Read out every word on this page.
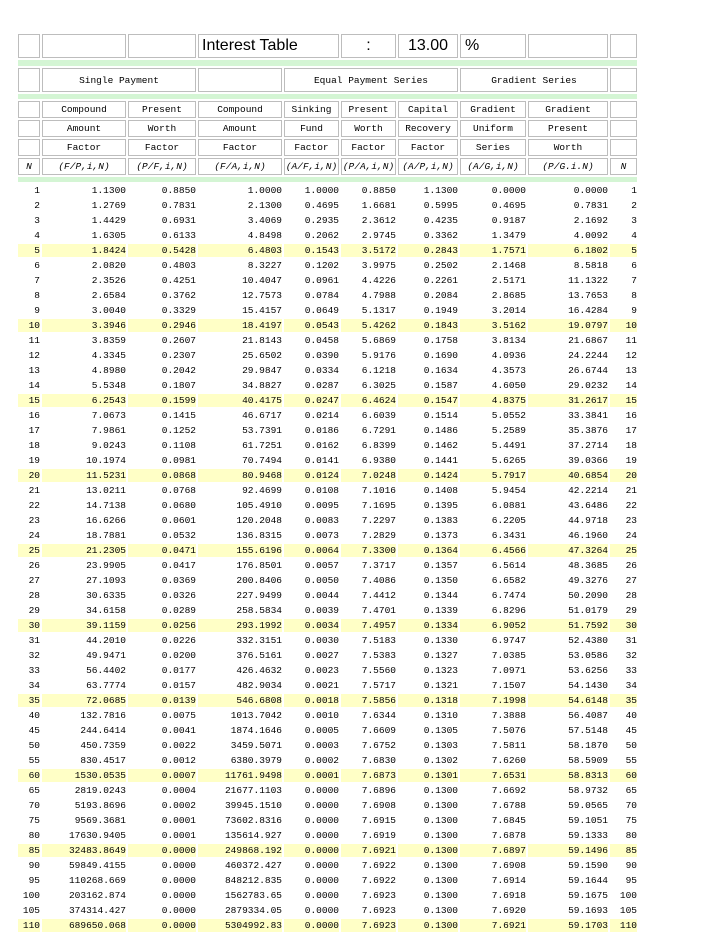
			Interest Table		:	13.00	%		

	Single Payment			Equal Payment Series			Gradient Series		

	Compound	Present	Compound	Sinking	Present	Capital	Gradient	Gradient	
	Amount	Worth	Amount	Fund	Worth	Recovery	Uniform	Present	
	Factor	Factor	Factor	Factor	Factor	Factor	Series	Worth	
N	(F/P,i,N)	(P/F,i,N)	(F/A,i,N)	(A/F,i,N)	(P/A,i,N)	(A/P,i,N)	(A/G,i,N)	(P/G.i.N)	N

1	1.1300	0.8850	1.0000	1.0000	0.8850	1.1300	0.0000	0.0000	1
2	1.2769	0.7831	2.1300	0.4695	1.6681	0.5995	0.4695	0.7831	2
3	1.4429	0.6931	3.4069	0.2935	2.3612	0.4235	0.9187	2.1692	3
4	1.6305	0.6133	4.8498	0.2062	2.9745	0.3362	1.3479	4.0092	4
5	1.8424	0.5428	6.4803	0.1543	3.5172	0.2843	1.7571	6.1802	5
6	2.0820	0.4803	8.3227	0.1202	3.9975	0.2502	2.1468	8.5818	6
7	2.3526	0.4251	10.4047	0.0961	4.4226	0.2261	2.5171	11.1322	7
8	2.6584	0.3762	12.7573	0.0784	4.7988	0.2084	2.8685	13.7653	8
9	3.0040	0.3329	15.4157	0.0649	5.1317	0.1949	3.2014	16.4284	9
10	3.3946	0.2946	18.4197	0.0543	5.4262	0.1843	3.5162	19.0797	10
11	3.8359	0.2607	21.8143	0.0458	5.6869	0.1758	3.8134	21.6867	11
12	4.3345	0.2307	25.6502	0.0390	5.9176	0.1690	4.0936	24.2244	12
13	4.8980	0.2042	29.9847	0.0334	6.1218	0.1634	4.3573	26.6744	13
14	5.5348	0.1807	34.8827	0.0287	6.3025	0.1587	4.6050	29.0232	14
15	6.2543	0.1599	40.4175	0.0247	6.4624	0.1547	4.8375	31.2617	15
16	7.0673	0.1415	46.6717	0.0214	6.6039	0.1514	5.0552	33.3841	16
17	7.9861	0.1252	53.7391	0.0186	6.7291	0.1486	5.2589	35.3876	17
18	9.0243	0.1108	61.7251	0.0162	6.8399	0.1462	5.4491	37.2714	18
19	10.1974	0.0981	70.7494	0.0141	6.9380	0.1441	5.6265	39.0366	19
20	11.5231	0.0868	80.9468	0.0124	7.0248	0.1424	5.7917	40.6854	20
21	13.0211	0.0768	92.4699	0.0108	7.1016	0.1408	5.9454	42.2214	21
22	14.7138	0.0680	105.4910	0.0095	7.1695	0.1395	6.0881	43.6486	22
23	16.6266	0.0601	120.2048	0.0083	7.2297	0.1383	6.2205	44.9718	23
24	18.7881	0.0532	136.8315	0.0073	7.2829	0.1373	6.3431	46.1960	24
25	21.2305	0.0471	155.6196	0.0064	7.3300	0.1364	6.4566	47.3264	25
26	23.9905	0.0417	176.8501	0.0057	7.3717	0.1357	6.5614	48.3685	26
27	27.1093	0.0369	200.8406	0.0050	7.4086	0.1350	6.6582	49.3276	27
28	30.6335	0.0326	227.9499	0.0044	7.4412	0.1344	6.7474	50.2090	28
29	34.6158	0.0289	258.5834	0.0039	7.4701	0.1339	6.8296	51.0179	29
30	39.1159	0.0256	293.1992	0.0034	7.4957	0.1334	6.9052	51.7592	30
31	44.2010	0.0226	332.3151	0.0030	7.5183	0.1330	6.9747	52.4380	31
32	49.9471	0.0200	376.5161	0.0027	7.5383	0.1327	7.0385	53.0586	32
33	56.4402	0.0177	426.4632	0.0023	7.5560	0.1323	7.0971	53.6256	33
34	63.7774	0.0157	482.9034	0.0021	7.5717	0.1321	7.1507	54.1430	34
35	72.0685	0.0139	546.6808	0.0018	7.5856	0.1318	7.1998	54.6148	35
40	132.7816	0.0075	1013.7042	0.0010	7.6344	0.1310	7.3888	56.4087	40
45	244.6414	0.0041	1874.1646	0.0005	7.6609	0.1305	7.5076	57.5148	45
50	450.7359	0.0022	3459.5071	0.0003	7.6752	0.1303	7.5811	58.1870	50
55	830.4517	0.0012	6380.3979	0.0002	7.6830	0.1302	7.6260	58.5909	55
60	1530.0535	0.0007	11761.9498	0.0001	7.6873	0.1301	7.6531	58.8313	60
65	2819.0243	0.0004	21677.1103	0.0000	7.6896	0.1300	7.6692	58.9732	65
70	5193.8696	0.0002	39945.1510	0.0000	7.6908	0.1300	7.6788	59.0565	70
75	9569.3681	0.0001	73602.8316	0.0000	7.6915	0.1300	7.6845	59.1051	75
80	17630.9405	0.0001	135614.927	0.0000	7.6919	0.1300	7.6878	59.1333	80
85	32483.8649	0.0000	249868.192	0.0000	7.6921	0.1300	7.6897	59.1496	85
90	59849.4155	0.0000	460372.427	0.0000	7.6922	0.1300	7.6908	59.1590	90
95	110268.669	0.0000	848212.835	0.0000	7.6922	0.1300	7.6914	59.1644	95
100	203162.874	0.0000	1562783.65	0.0000	7.6923	0.1300	7.6918	59.1675	100
105	374314.427	0.0000	2879334.05	0.0000	7.6923	0.1300	7.6920	59.1693	105
110	689650.068	0.0000	5304992.83	0.0000	7.6923	0.1300	7.6921	59.1703	110
